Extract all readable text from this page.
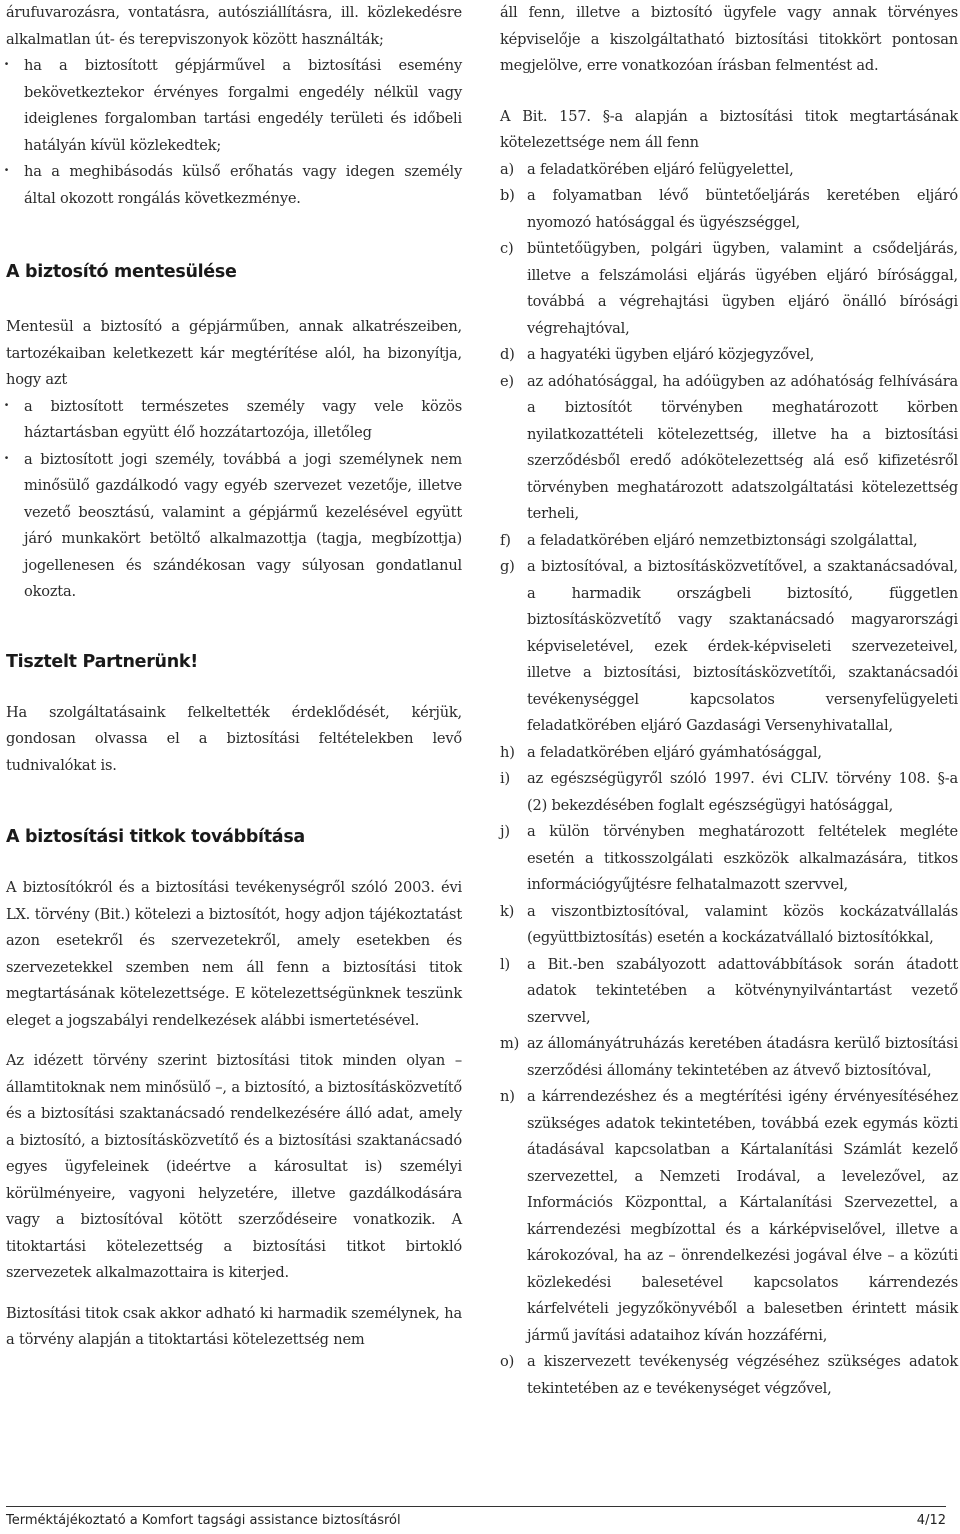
árufuvarozásra, vontatásra, autósziállításra, ill. közlekedésre alkalmatlan út- és terepviszonyok között használták;

· ha a biztosított gépjárművel a biztosítási esemény bekövetkeztekor érvényes forgalmi engedély nélkül vagy ideiglenes forgalomban tartási engedély területi és időbeli hatályán kívül közlekedtek;

· ha a meghibásodás külső erőhatás vagy idegen személy által okozott rongálás következménye.

A biztosító mentesülése

Mentesül a biztosító a gépjárműben, annak alkatrészeiben, tartozékaiban keletkezett kár megtérítése alól, ha bizonyítja, hogy azt

· a biztosított természetes személy vagy vele közös háztartásban együtt élő hozzátartozója, illetőleg

· a biztosított jogi személy, továbbá a jogi személynek nem minősülő gazdálkodó vagy egyéb szervezet vezetője, illetve vezető beosztású, valamint a gépjármű kezelésével együtt járó munkakört betöltő alkalmazottja (tagja, megbízottja) jogellenesen és szándékosan vagy súlyosan gondatlanul okozta.

Tisztelt Partnerünk!

Ha szolgáltatásaink felkeltették érdeklődését, kérjük, gondosan olvassa el a biztosítási feltételekben levő tudnivalókat is.

A biztosítási titkok továbbítása

A biztosítókról és a biztosítási tevékenységről szóló 2003. évi LX. törvény (Bit.) kötelezi a biztosítót, hogy adjon tájékoztatást azon esetekről és szervezetekről, amely esetekben és szervezetekkel szemben nem áll fenn a biztosítási titok megtartásának kötelezettsége. E kötelezettségünknek teszünk eleget a jogszabályi rendelkezések alábbi ismertetésével.

Az idézett törvény szerint biztosítási titok minden olyan – államtitoknak nem minősülő –, a biztosító, a biztosításközvetítő és a biztosítási szaktanácsadó rendelkezésére álló adat, amely a biztosító, a biztosításközvetítő és a biztosítási szaktanácsadó egyes ügyfeleinek (ideértve a károsultat is) személyi körülményeire, vagyoni helyzetére, illetve gazdálkodására vagy a biztosítóval kötött szerződéseire vonatkozik. A titoktartási kötelezettség a biztosítási titkot birtokló szervezetek alkalmazottaira is kiterjed.

Biztosítási titok csak akkor adható ki harmadik személynek, ha a törvény alapján a titoktartási kötelezettség nem

áll fenn, illetve a biztosító ügyfele vagy annak törvényes képviselője a kiszolgáltatható biztosítási titokkört pontosan megjelölve, erre vonatkozóan írásban felmentést ad.

A Bit. 157. §-a alapján a biztosítási titok megtartásának kötelezettsége nem áll fenn

a) a feladatkörében eljáró felügyelettel,
b) a folyamatban lévő büntetőeljárás keretében eljáró nyomozó hatósággal és ügyészséggel,
c) büntetőügyben, polgári ügyben, valamint a csődeljárás, illetve a felszámolási eljárás ügyében eljáró bírósággal, továbbá a végrehajtási ügyben eljáró önálló bírósági végrehajtóval,
d) a hagyatéki ügyben eljáró közjegyzővel,
e) az adóhatósággal, ha adóügyben az adóhatóság felhívására a biztosítót törvényben meghatározott körben nyilatkozattételi kötelezettség, illetve ha a biztosítási szerződésből eredő adókötelezettség alá eső kifizetésről törvényben meghatározott adatszolgáltatási kötelezettség terheli,
f)	a feladatkörében eljáró nemzetbiztonsági szolgálattal,
g) a biztosítóval, a biztosításközvetítővel, a szaktanácsadóval, a harmadik országbeli biztosító, független biztosításközvetítő vagy szaktanácsadó magyarországi képviseletével, ezek érdek-képviseleti szervezeteivel, illetve a biztosítási, biztosításközvetítői, szaktanácsadói tevékenységgel kapcsolatos versenyfelügyeleti feladatkörében eljáró Gazdasági Versenyhivatallal,
h) a feladatkörében eljáró gyámhatósággal,
i)	az egészségügyről szóló 1997. évi CLIV. törvény 108. §-a (2) bekezdésében foglalt egészségügyi hatósággal,
j)	a külön törvényben meghatározott feltételek megléte esetén a titkosszolgálati eszközök alkalmazására, titkos információgyűjtésre felhatalmazott szervvel,
k) a viszontbiztosítóval, valamint közös kockázatvállalás (együttbiztosítás) esetén a kockázatvállaló biztosítókkal,
l)	a Bit.-ben szabályozott adattovábbítások során átadott adatok tekintetében a kötvénynyilvántartást vezető szervvel,
m) az állományátruházás keretében átadásra kerülő biztosítási szerződési állomány tekintetében az átvevő biztosítóval,
n) a kárrendezéshez és a megtérítési igény érvényesítéséhez szükséges adatok tekintetében, továbbá ezek egymás közti átadásával kapcsolatban a Kártalanítási Számlát kezelő szervezettel, a Nemzeti Irodával, a levelezővel, az Információs Központtal, a Kártalanítási Szervezettel, a kárrendezési megbízottal és a kárképviselővel, illetve a károkozóval, ha az – önrendelkezési jogával élve – a közúti közlekedési balesetével kapcsolatos kárrendezés kárfelvételi jegyzőkönyvéből a balesetben érintett másik jármű javítási adataihoz kíván hozzáférni,
o) a kiszervezett tevékenység végzéséhez szükséges adatok tekintetében az e tevékenységet végzővel,
Terméktájékoztató a Komfort tagsági assistance biztosításról	4/12
